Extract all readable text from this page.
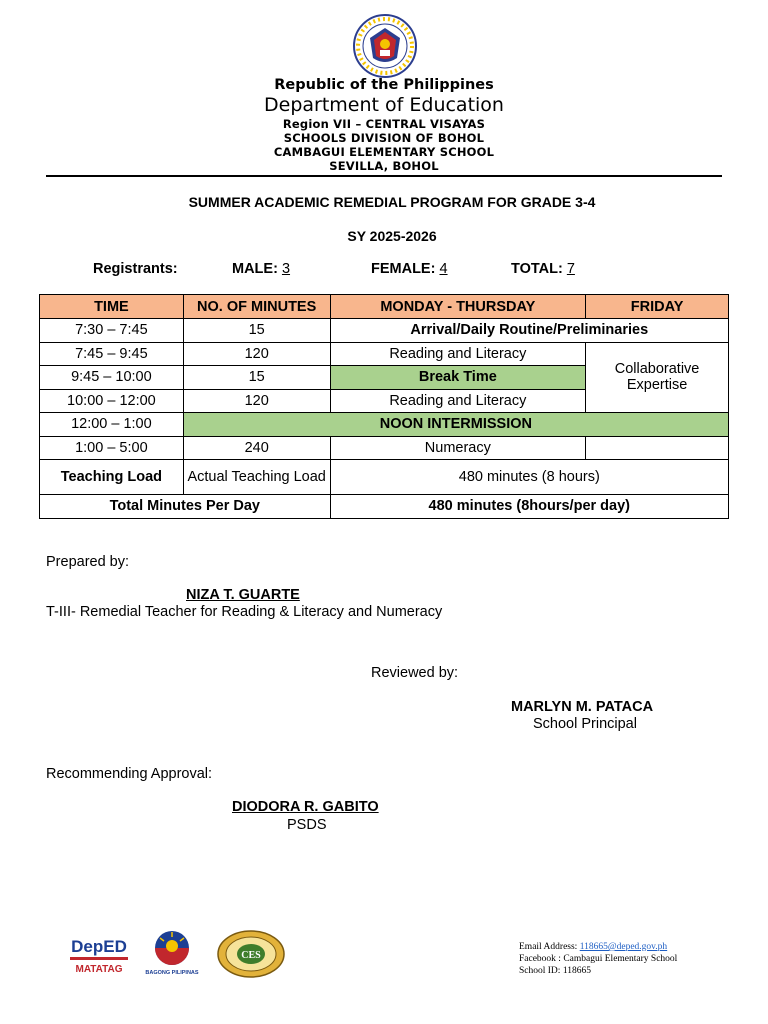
Republic of the Philippines
Department of Education
Region VII – CENTRAL VISAYAS
SCHOOLS DIVISION OF BOHOL
CAMBAGUI ELEMENTARY SCHOOL
SEVILLA, BOHOL
SUMMER ACADEMIC REMEDIAL PROGRAM FOR GRADE 3-4
SY 2025-2026
Registrants:	MALE: 3	FEMALE: 4	TOTAL: 7
TIME	NO. OF MINUTES	MONDAY - THURSDAY	FRIDAY
7:30 – 7:45	15	Arrival/Daily Routine/Preliminaries	
7:45 – 9:45	120	Reading and Literacy	Collaborative Expertise
9:45 – 10:00	15	Break Time	
10:00 – 12:00	120	Reading and Literacy	
12:00 – 1:00	NOON INTERMISSION		
1:00 – 5:00	240	Numeracy	
Teaching Load	Actual Teaching Load	480 minutes (8 hours)	
Total Minutes Per Day		480 minutes (8hours/per day)	
Prepared by:
NIZA T. GUARTE
T-III- Remedial Teacher for Reading & Literacy and Numeracy
Reviewed by:
MARLYN M. PATACA
School Principal
Recommending Approval:
DIODORA R. GABITO
PSDS
DepED
MATATAG	BAGONG PILIPINAS
CES
Email Address: 118665@deped.gov.ph
Facebook : Cambagui Elementary School
School ID: 118665
